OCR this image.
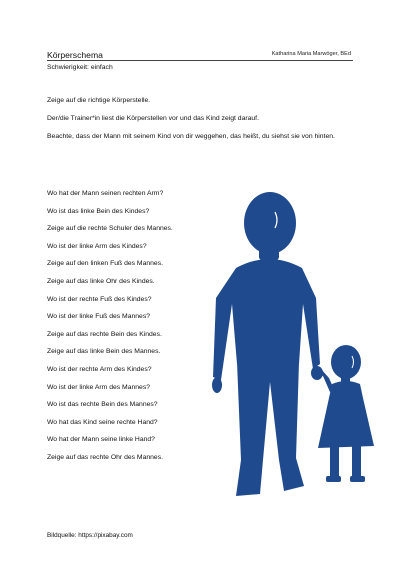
Körperschema	Katharina Maria Marwöger, BEd
Schwierigkeit: einfach

Zeige auf die richtige Körperstelle.

Der/die Trainer*in liest die Körperstellen vor und das Kind zeigt darauf.

Beachte, dass der Mann mit seinem Kind von dir weggehen, das heißt, du siehst sie von hinten.

Wo hat der Mann seinen rechten Arm?
Wo ist das linke Bein des Kindes?
Zeige auf die rechte Schuler des Mannes.
Wo ist der linke Arm des Kindes?
Zeige auf den linken Fuß des Mannes.
Zeige auf das linke Ohr des Kindes.
Wo ist der rechte Fuß des Kindes?
Wo ist der linke Fuß des Mannes?
Zeige auf das rechte Bein des Kindes.
Zeige auf das linke Bein des Mannes.
Wo ist der rechte Arm des Kindes?
Wo ist der linke Arm des Mannes?
Wo ist das rechte Bein des Mannes?
Wo hat das Kind seine rechte Hand?
Wo hat der Mann seine linke Hand?
Zeige auf das rechte Ohr des Mannes.
Bildquelle: https://pixabay.com
